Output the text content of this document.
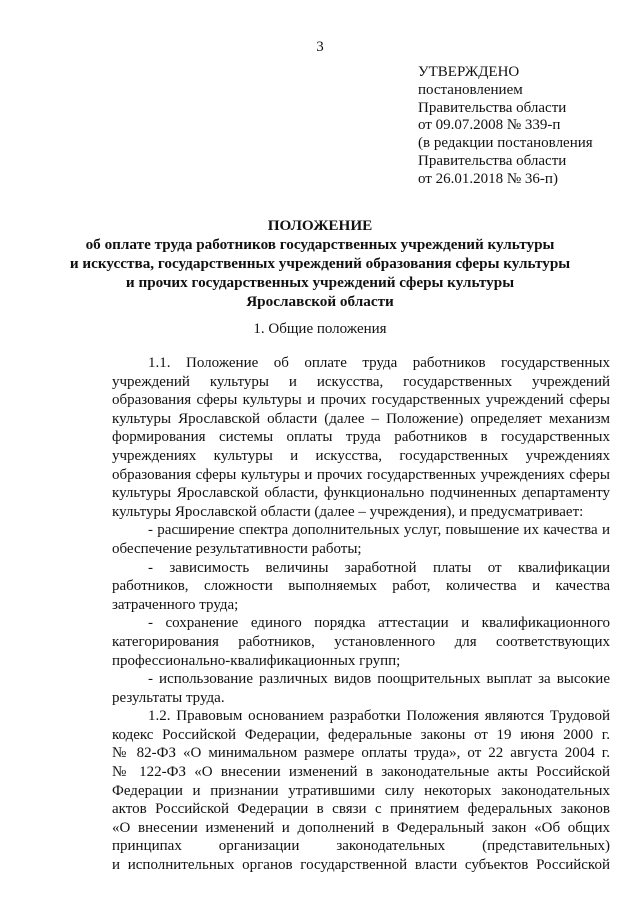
3
УТВЕРЖДЕНО
постановлением
Правительства области
от 09.07.2008 № 339-п
(в редакции постановления
Правительства области
от 26.01.2018 № 36-п)
ПОЛОЖЕНИЕ
об оплате труда работников государственных учреждений культуры
и искусства, государственных учреждений образования сферы культуры
и прочих государственных учреждений сферы культуры
Ярославской области
1. Общие положения

1.1. Положение об оплате труда работников государственных
учреждений культуры и искусства, государственных учреждений
образования сферы культуры и прочих государственных учреждений сферы
культуры Ярославской области (далее – Положение) определяет механизм
формирования системы оплаты труда работников в государственных
учреждениях культуры и искусства, государственных учреждениях
образования сферы культуры и прочих государственных учреждениях сферы
культуры Ярославской области, функционально подчиненных департаменту
культуры Ярославской области (далее – учреждения), и предусматривает:

- расширение спектра дополнительных услуг, повышение их качества и
обеспечение результативности работы;

- зависимость величины заработной платы от квалификации
работников, сложности выполняемых работ, количества и качества
затраченного труда;

- сохранение единого порядка аттестации и квалификационного
категорирования работников, установленного для соответствующих
профессионально-квалификационных групп;

- использование различных видов поощрительных выплат за высокие
результаты труда.

1.2. Правовым основанием разработки Положения являются Трудовой
кодекс Российской Федерации, федеральные законы от 19 июня 2000 г.
№ 82-ФЗ «О минимальном размере оплаты труда», от 22 августа 2004 г.
№ 122-ФЗ «О внесении изменений в законодательные акты Российской
Федерации и признании утратившими силу некоторых законодательных
актов Российской Федерации в связи с принятием федеральных законов
«О внесении изменений и дополнений в Федеральный закон «Об общих
принципах организации законодательных (представительных)
и исполнительных органов государственной власти субъектов Российской
